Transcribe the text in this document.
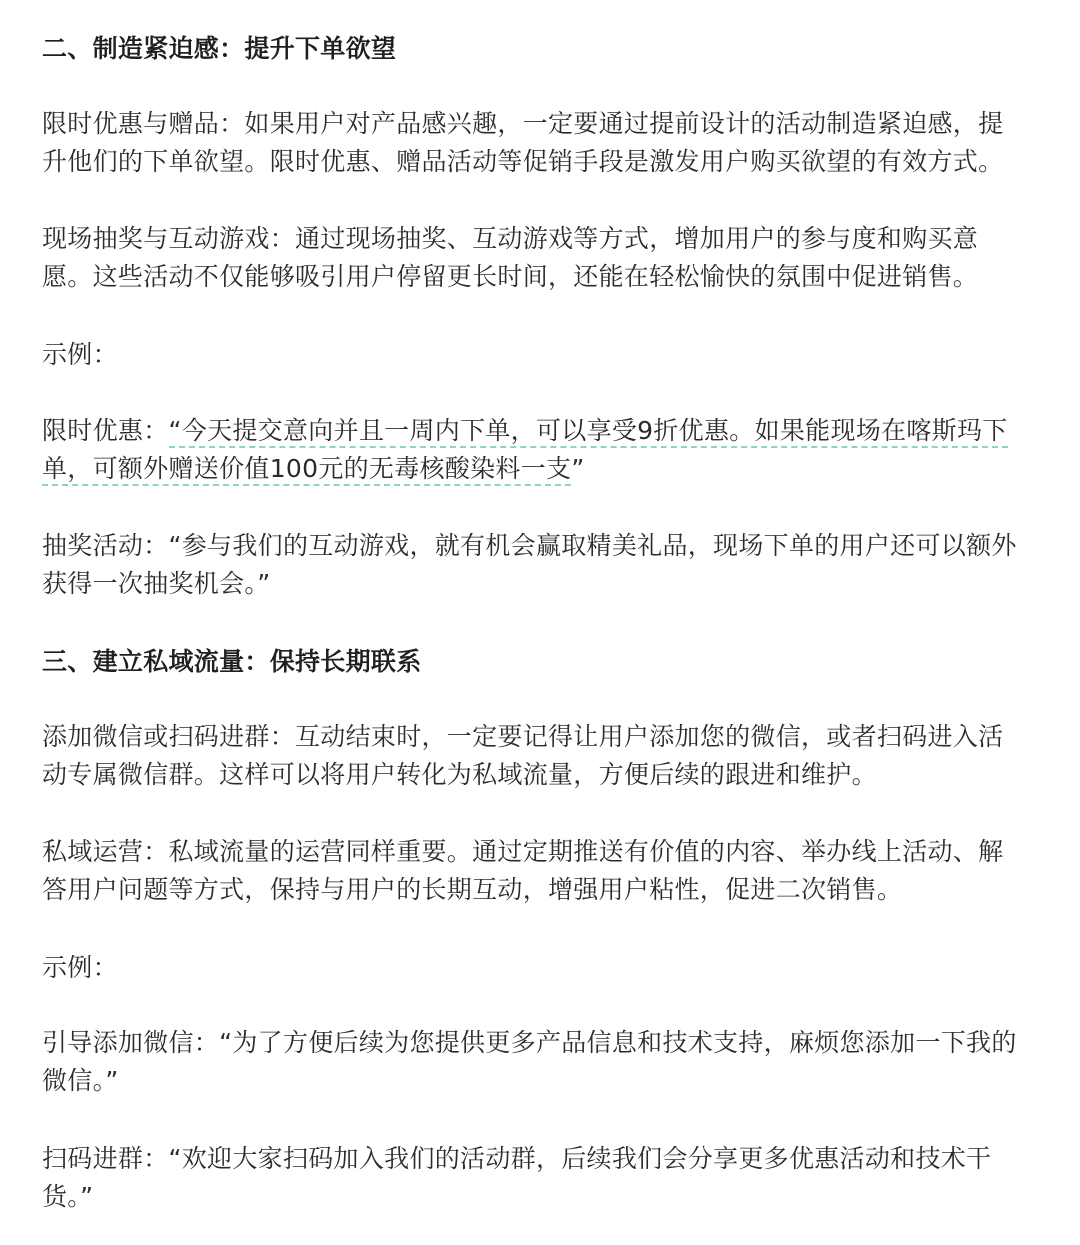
二、制造紧迫感：提升下单欲望
限时优惠与赠品：如果用户对产品感兴趣，一定要通过提前设计的活动制造紧迫感，提
升他们的下单欲望。限时优惠、赠品活动等促销手段是激发用户购买欲望的有效方式。
现场抽奖与互动游戏：通过现场抽奖、互动游戏等方式，增加用户的参与度和购买意
愿。这些活动不仅能够吸引用户停留更长时间，还能在轻松愉快的氛围中促进销售。
示例：
限时优惠：“今天提交意向并且一周内下单，可以享受9折优惠。如果能现场在喀斯玛下
单，可额外赠送价值100元的无毒核酸染料一支”
抽奖活动：“参与我们的互动游戏，就有机会赢取精美礼品，现场下单的用户还可以额外
获得一次抽奖机会。”
三、建立私域流量：保持长期联系
添加微信或扫码进群：互动结束时，一定要记得让用户添加您的微信，或者扫码进入活
动专属微信群。这样可以将用户转化为私域流量，方便后续的跟进和维护。
私域运营：私域流量的运营同样重要。通过定期推送有价值的内容、举办线上活动、解
答用户问题等方式，保持与用户的长期互动，增强用户粘性，促进二次销售。
示例：
引导添加微信：“为了方便后续为您提供更多产品信息和技术支持，麻烦您添加一下我的
微信。”
扫码进群：“欢迎大家扫码加入我们的活动群，后续我们会分享更多优惠活动和技术干
货。”
